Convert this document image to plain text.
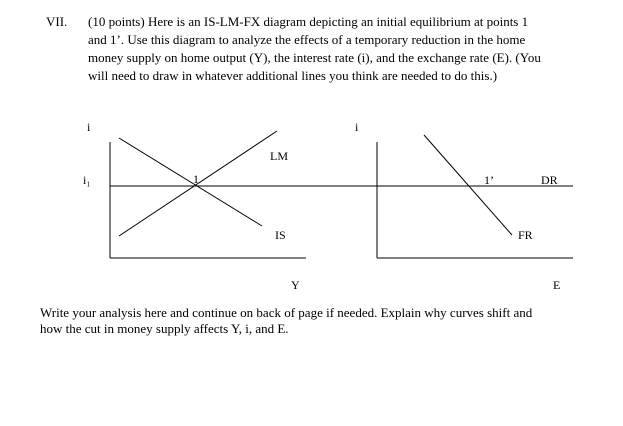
VII. (10 points) Here is an IS-LM-FX diagram depicting an initial equilibrium at points 1
and 1’. Use this diagram to analyze the effects of a temporary reduction in the home
money supply on home output (Y), the interest rate (i), and the exchange rate (E). (You
will need to draw in whatever additional lines you think are needed to do this.)
i	i
i₁	1	1’
LM
IS
DR
FR
Y	E
Write your analysis here and continue on back of page if needed. Explain why curves shift and
how the cut in money supply affects Y, i, and E.
